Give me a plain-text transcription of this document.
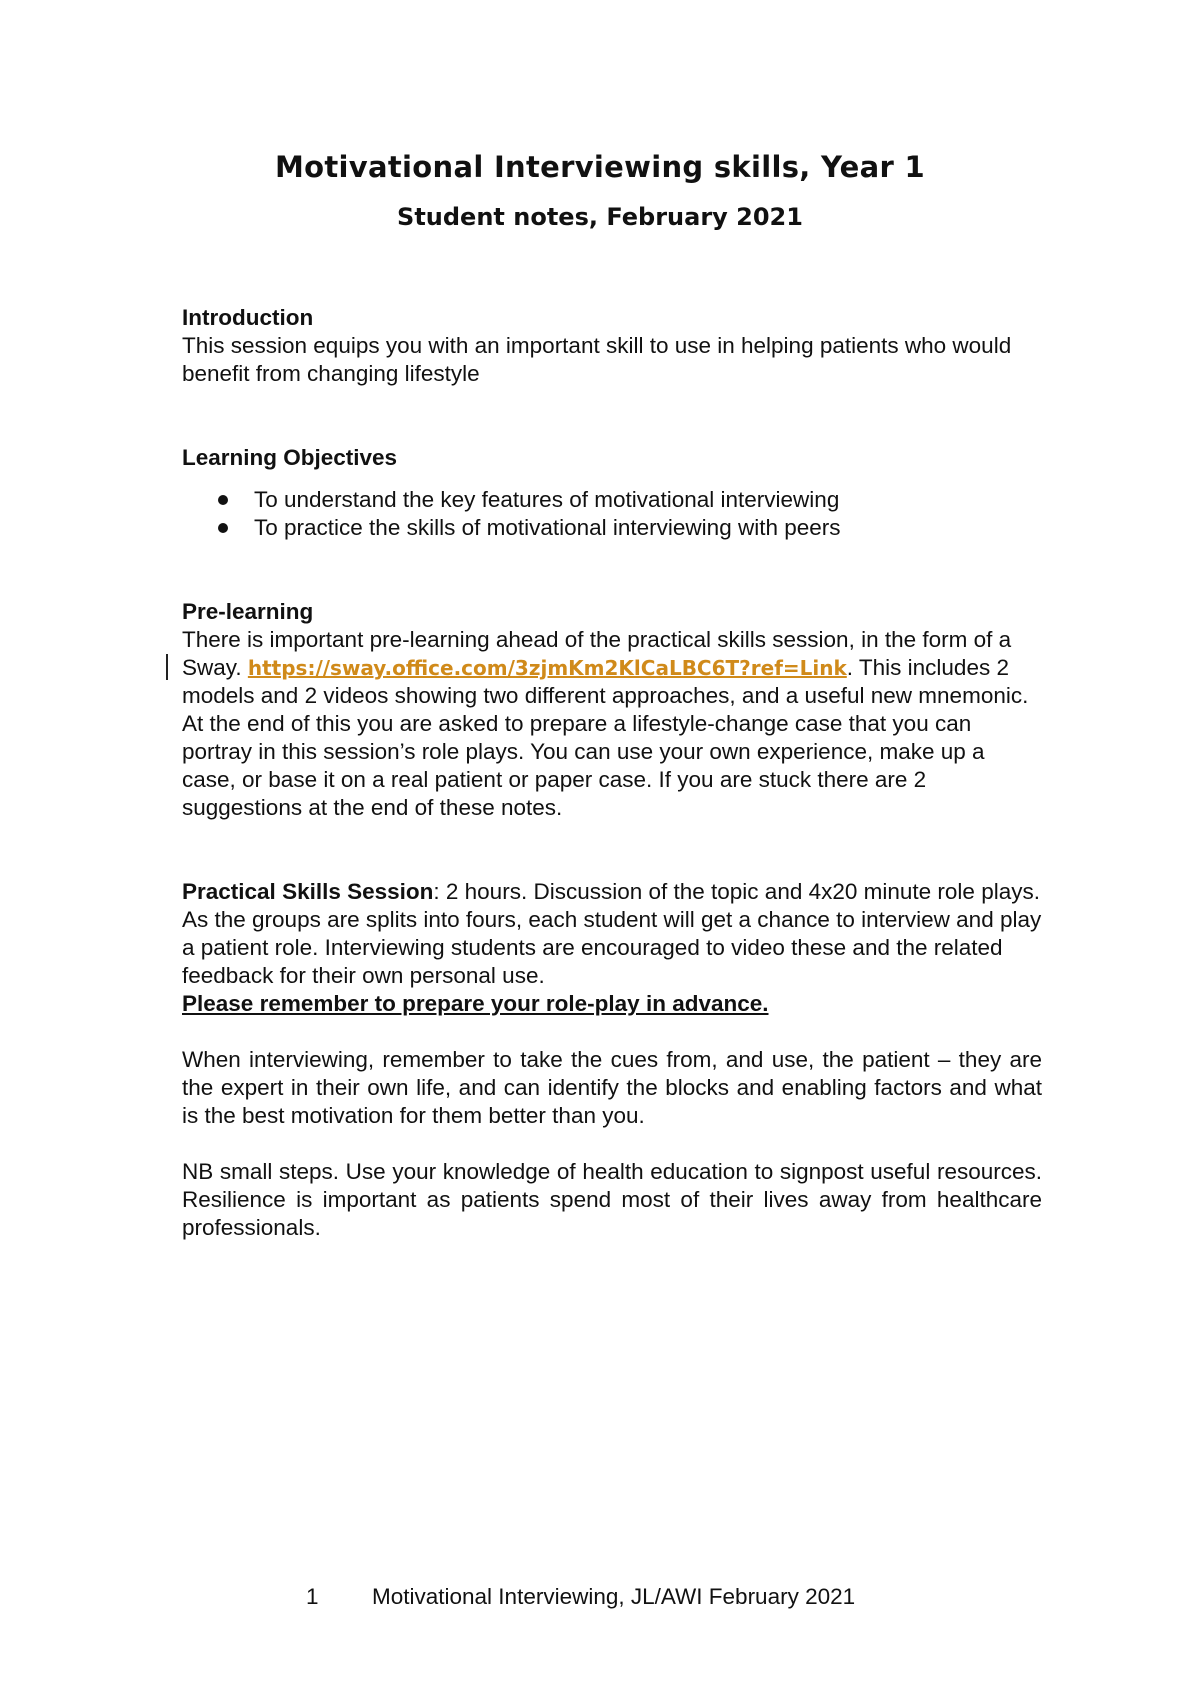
Motivational Interviewing skills, Year 1
Student notes, February 2021

Introduction

This session equips you with an important skill to use in helping patients who would benefit from changing lifestyle

Learning Objectives

To understand the key features of motivational interviewing
To practice the skills of motivational interviewing with peers

Pre-learning

There is important pre-learning ahead of the practical skills session, in the form of a Sway. https://sway.office.com/3zjmKm2KlCaLBC6T?ref=Link. This includes 2 models and 2 videos showing two different approaches, and a useful new mnemonic. At the end of this you are asked to prepare a lifestyle-change case that you can portray in this session’s role plays. You can use your own experience, make up a case, or base it on a real patient or paper case. If you are stuck there are 2 suggestions at the end of these notes.

Practical Skills Session: 2 hours. Discussion of the topic and 4x20 minute role plays. As the groups are splits into fours, each student will get a chance to interview and play a patient role. Interviewing students are encouraged to video these and the related feedback for their own personal use.

Please remember to prepare your role-play in advance.

When interviewing, remember to take the cues from, and use, the patient – they are the expert in their own life, and can identify the blocks and enabling factors and what is the best motivation for them better than you.

NB small steps. Use your knowledge of health education to signpost useful resources. Resilience is important as patients spend most of their lives away from healthcare professionals.

1 Motivational Interviewing, JL/AWI February 2021
